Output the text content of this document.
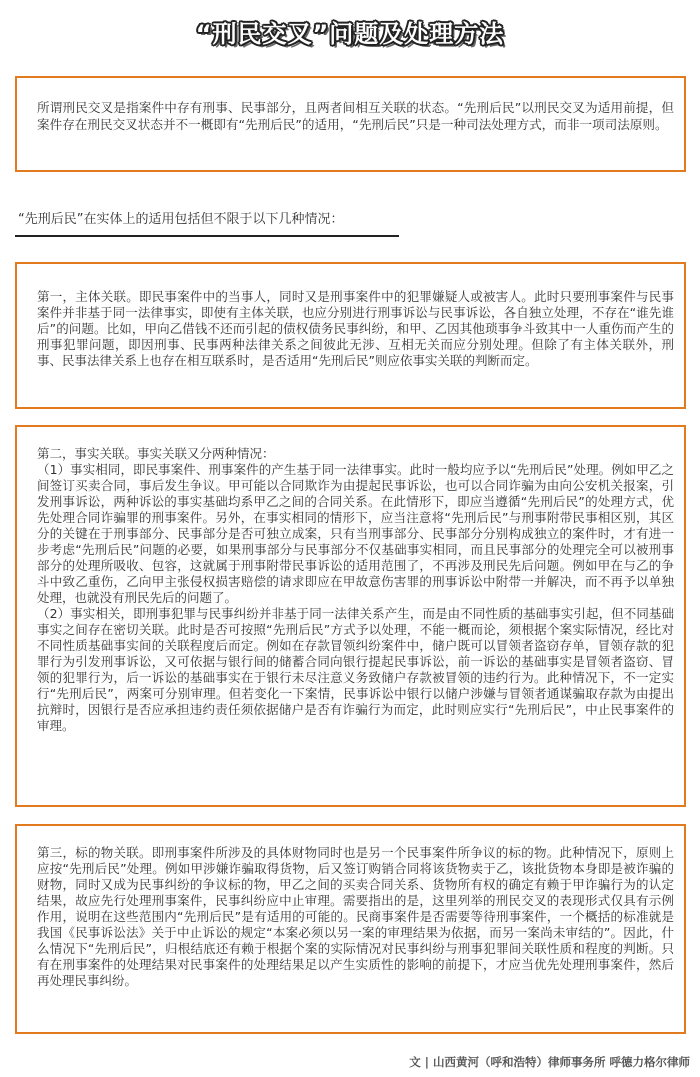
“刑民交叉”问题及处理方法
所谓刑民交叉是指案件中存有刑事、民事部分，且两者间相互关联的状态。“先刑后民”以刑民交叉为适用前提，但案件存在刑民交叉状态并不一概即有“先刑后民”的适用，“先刑后民”只是一种司法处理方式，而非一项司法原则。
“先刑后民”在实体上的适用包括但不限于以下几种情况：
第一，主体关联。即民事案件中的当事人，同时又是刑事案件中的犯罪嫌疑人或被害人。此时只要刑事案件与民事案件并非基于同一法律事实，即使有主体关联，也应分别进行刑事诉讼与民事诉讼，各自独立处理，不存在“谁先谁后”的问题。比如，甲向乙借钱不还而引起的债权债务民事纠纷，和甲、乙因其他琐事争斗致其中一人重伤而产生的刑事犯罪问题，即因刑事、民事两种法律关系之间彼此无涉、互相无关而应分别处理。但除了有主体关联外，刑事、民事法律关系上也存在相互联系时，是否适用“先刑后民”则应依事实关联的判断而定。

第二，事实关联。事实关联又分两种情况：

（1）事实相同，即民事案件、刑事案件的产生基于同一法律事实。此时一般均应予以“先刑后民”处理。例如甲乙之间签订买卖合同，事后发生争议。甲可能以合同欺诈为由提起民事诉讼，也可以合同诈骗为由向公安机关报案，引发刑事诉讼，两种诉讼的事实基础均系甲乙之间的合同关系。在此情形下，即应当遵循“先刑后民”的处理方式，优先处理合同诈骗罪的刑事案件。另外，在事实相同的情形下，应当注意将“先刑后民”与刑事附带民事相区别，其区分的关键在于刑事部分、民事部分是否可独立成案，只有当刑事部分、民事部分分别构成独立的案件时，才有进一步考虑“先刑后民”问题的必要，如果刑事部分与民事部分不仅基础事实相同，而且民事部分的处理完全可以被刑事部分的处理所吸收、包容，这就属于刑事附带民事诉讼的适用范围了，不再涉及刑民先后问题。例如甲在与乙的争斗中致乙重伤，乙向甲主张侵权损害赔偿的请求即应在甲故意伤害罪的刑事诉讼中附带一并解决，而不再予以单独处理，也就没有刑民先后的问题了。

（2）事实相关，即刑事犯罪与民事纠纷并非基于同一法律关系产生，而是由不同性质的基础事实引起，但不同基础事实之间存在密切关联。此时是否可按照“先刑后民”方式予以处理，不能一概而论，须根据个案实际情况，经比对不同性质基础事实间的关联程度后而定。例如在存款冒领纠纷案件中，储户既可以冒领者盗窃存单，冒领存款的犯罪行为引发刑事诉讼，又可依据与银行间的储蓄合同向银行提起民事诉讼，前一诉讼的基础事实是冒领者盗窃、冒领的犯罪行为，后一诉讼的基础事实在于银行未尽注意义务致储户存款被冒领的违约行为。此种情况下，不一定实行“先刑后民”，两案可分别审理。但若变化一下案情，民事诉讼中银行以储户涉嫌与冒领者通谋骗取存款为由提出抗辩时，因银行是否应承担违约责任须依据储户是否有诈骗行为而定，此时则应实行“先刑后民”，中止民事案件的审理。

第三，标的物关联。即刑事案件所涉及的具体财物同时也是另一个民事案件所争议的标的物。此种情况下，原则上应按“先刑后民”处理。例如甲涉嫌诈骗取得货物，后又签订购销合同将该货物卖于乙，该批货物本身即是被诈骗的财物，同时又成为民事纠纷的争议标的物，甲乙之间的买卖合同关系、货物所有权的确定有赖于甲诈骗行为的认定结果，故应先行处理刑事案件，民事纠纷应中止审理。需要指出的是，这里列举的刑民交叉的表现形式仅具有示例作用，说明在这些范围内“先刑后民”是有适用的可能的。民商事案件是否需要等待刑事案件，一个概括的标准就是我国《民事诉讼法》关于中止诉讼的规定“本案必须以另一案的审理结果为依据，而另一案尚未审结的”。因此，什么情况下“先刑后民”，归根结底还有赖于根据个案的实际情况对民事纠纷与刑事犯罪间关联性质和程度的判断。只有在刑事案件的处理结果对民事案件的处理结果足以产生实质性的影响的前提下，才应当优先处理刑事案件，然后再处理民事纠纷。
文 | 山西黄河（呼和浩特）律师事务所 呼德力格尔律师
